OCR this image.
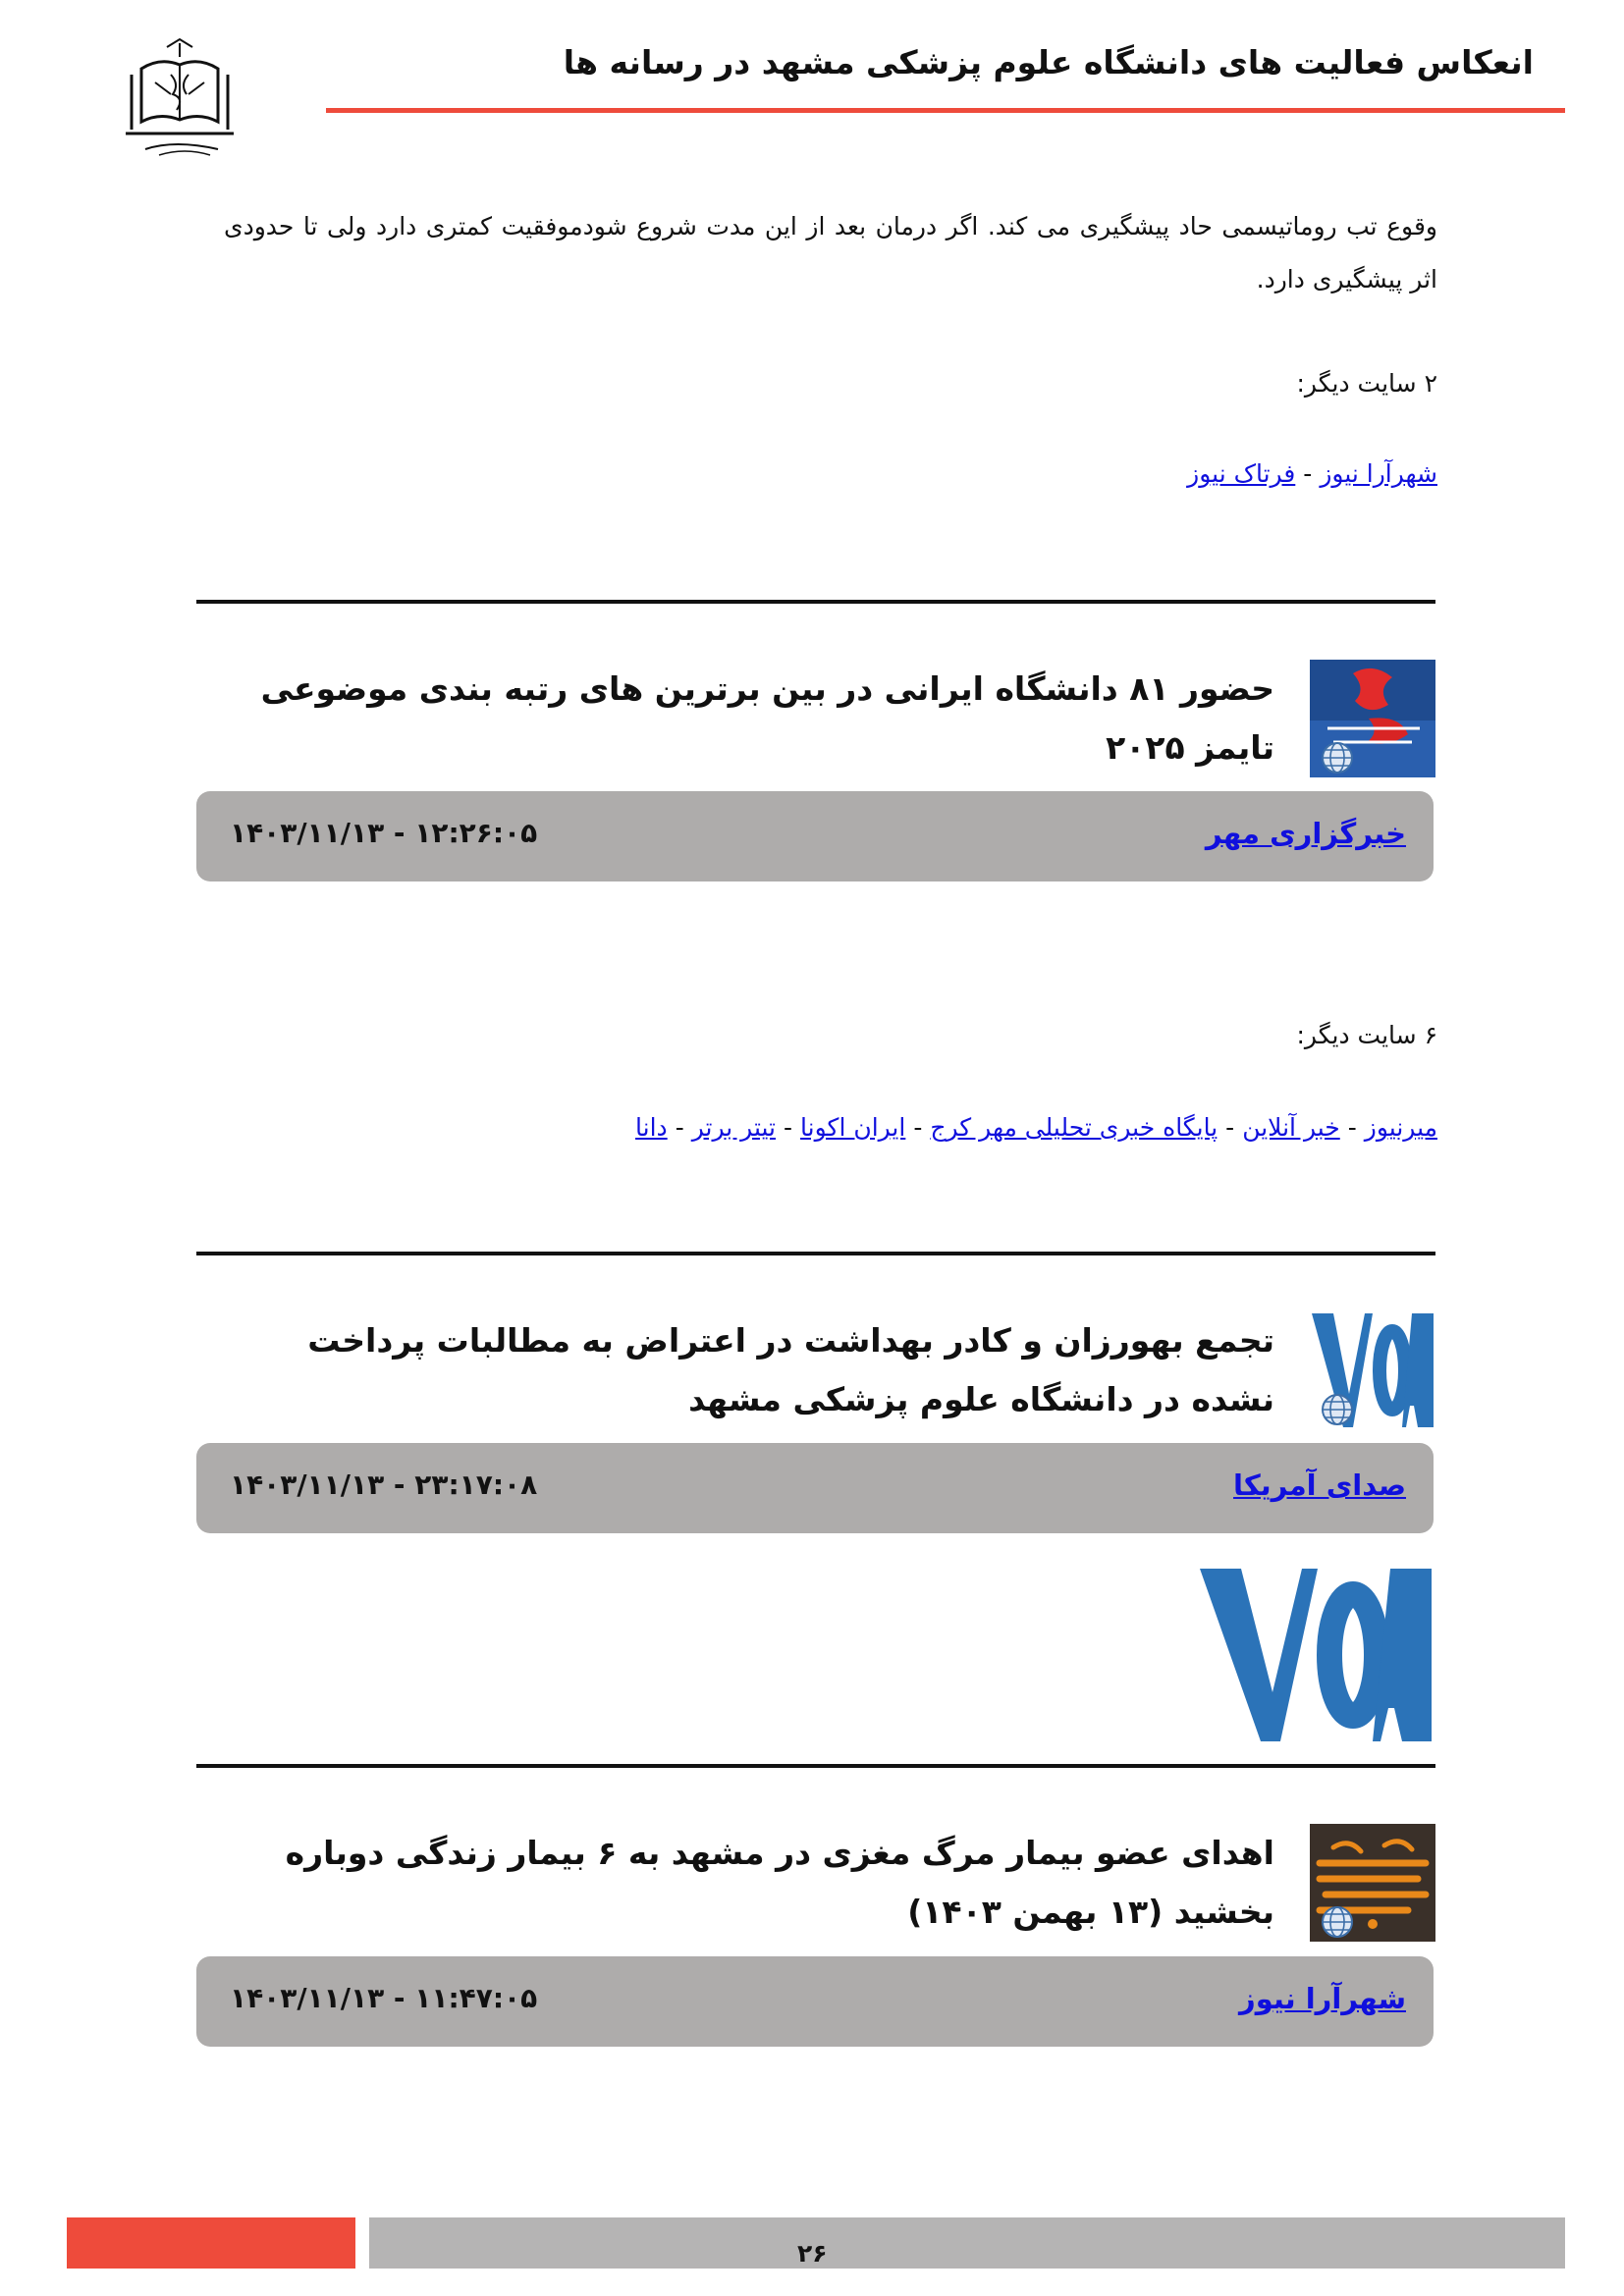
انعکاس فعالیت های دانشگاه علوم پزشکی مشهد در رسانه ها

وقوع تب روماتیسمی حاد پیشگیری می کند. اگر درمان بعد از این مدت شروع شودموفقیت کمتری دارد ولی تا حدودی اثر پیشگیری دارد.

۲ سایت دیگر:
شهرآرا نیوز-فرتاک نیوز
حضور ۸۱ دانشگاه ایرانی در بین برترین های رتبه بندی موضوعی تایمز ۲۰۲۵
خبرگزاری مهر
۱۴۰۳/۱۱/۱۳ - ۱۲:۲۶:۰۵
۶ سایت دیگر:
میرنیوز-خبر آنلاین-پایگاه خبری تحلیلی مهر کرج-ایران اکونا-تیتر برتر-دانا
تجمع بهورزان و کادر بهداشت در اعتراض به مطالبات پرداخت نشده در دانشگاه علوم پزشکی مشهد
صدای آمریکا
۱۴۰۳/۱۱/۱۳ - ۲۳:۱۷:۰۸
اهدای عضو بیمار مرگ مغزی در مشهد به ۶ بیمار زندگی دوباره بخشید (۱۳ بهمن ۱۴۰۳)
شهرآرا نیوز
۱۴۰۳/۱۱/۱۳ - ۱۱:۴۷:۰۵
۲۶
